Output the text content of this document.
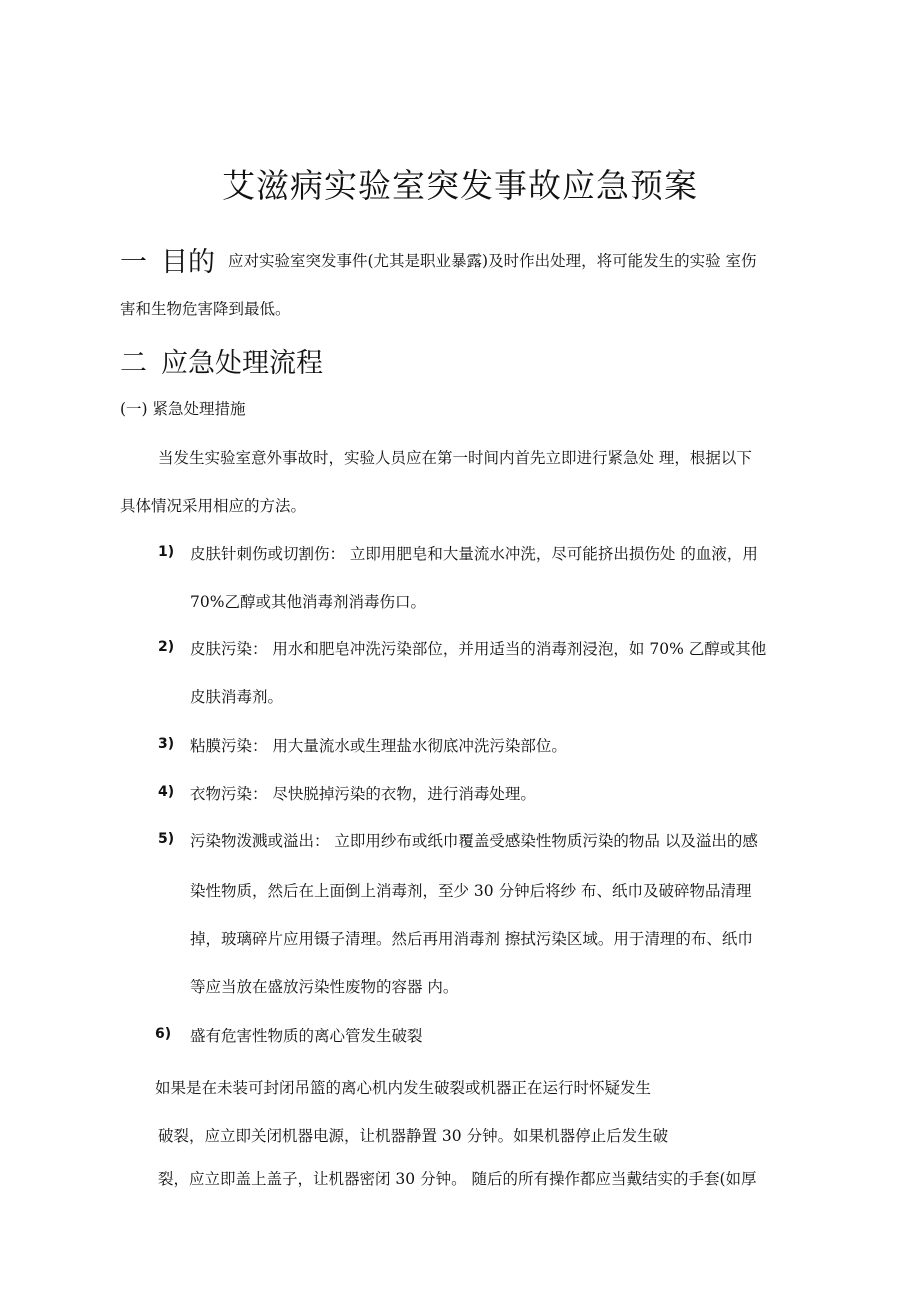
艾滋病实验室突发事故应急预案
一 目的 应对实验室突发事件(尤其是职业暴露)及时作出处理，将可能发生的实验 室伤
害和生物危害降到最低。
二 应急处理流程
(一) 紧急处理措施
当发生实验室意外事故时，实验人员应在第一时间内首先立即进行紧急处 理，根据以下
具体情况采用相应的方法。
1) 皮肤针刺伤或切割伤： 立即用肥皂和大量流水冲洗，尽可能挤出损伤处 的血液，用
70%乙醇或其他消毒剂消毒伤口。
2) 皮肤污染： 用水和肥皂冲洗污染部位，并用适当的消毒剂浸泡，如 70% 乙醇或其他
皮肤消毒剂。
3) 粘膜污染： 用大量流水或生理盐水彻底冲洗污染部位。
4) 衣物污染： 尽快脱掉污染的衣物，进行消毒处理。
5) 污染物泼溅或溢出： 立即用纱布或纸巾覆盖受感染性物质污染的物品 以及溢出的感
染性物质，然后在上面倒上消毒剂，至少 30 分钟后将纱 布、纸巾及破碎物品清理
掉，玻璃碎片应用镊子清理。然后再用消毒剂 擦拭污染区域。用于清理的布、纸巾
等应当放在盛放污染性废物的容器 内。
6) 盛有危害性物质的离心管发生破裂
如果是在未装可封闭吊篮的离心机内发生破裂或机器正在运行时怀疑发生
破裂，应立即关闭机器电源，让机器静置 30 分钟。如果机器停止后发生破
裂，应立即盖上盖子，让机器密闭 30 分钟。 随后的所有操作都应当戴结实的手套(如厚
